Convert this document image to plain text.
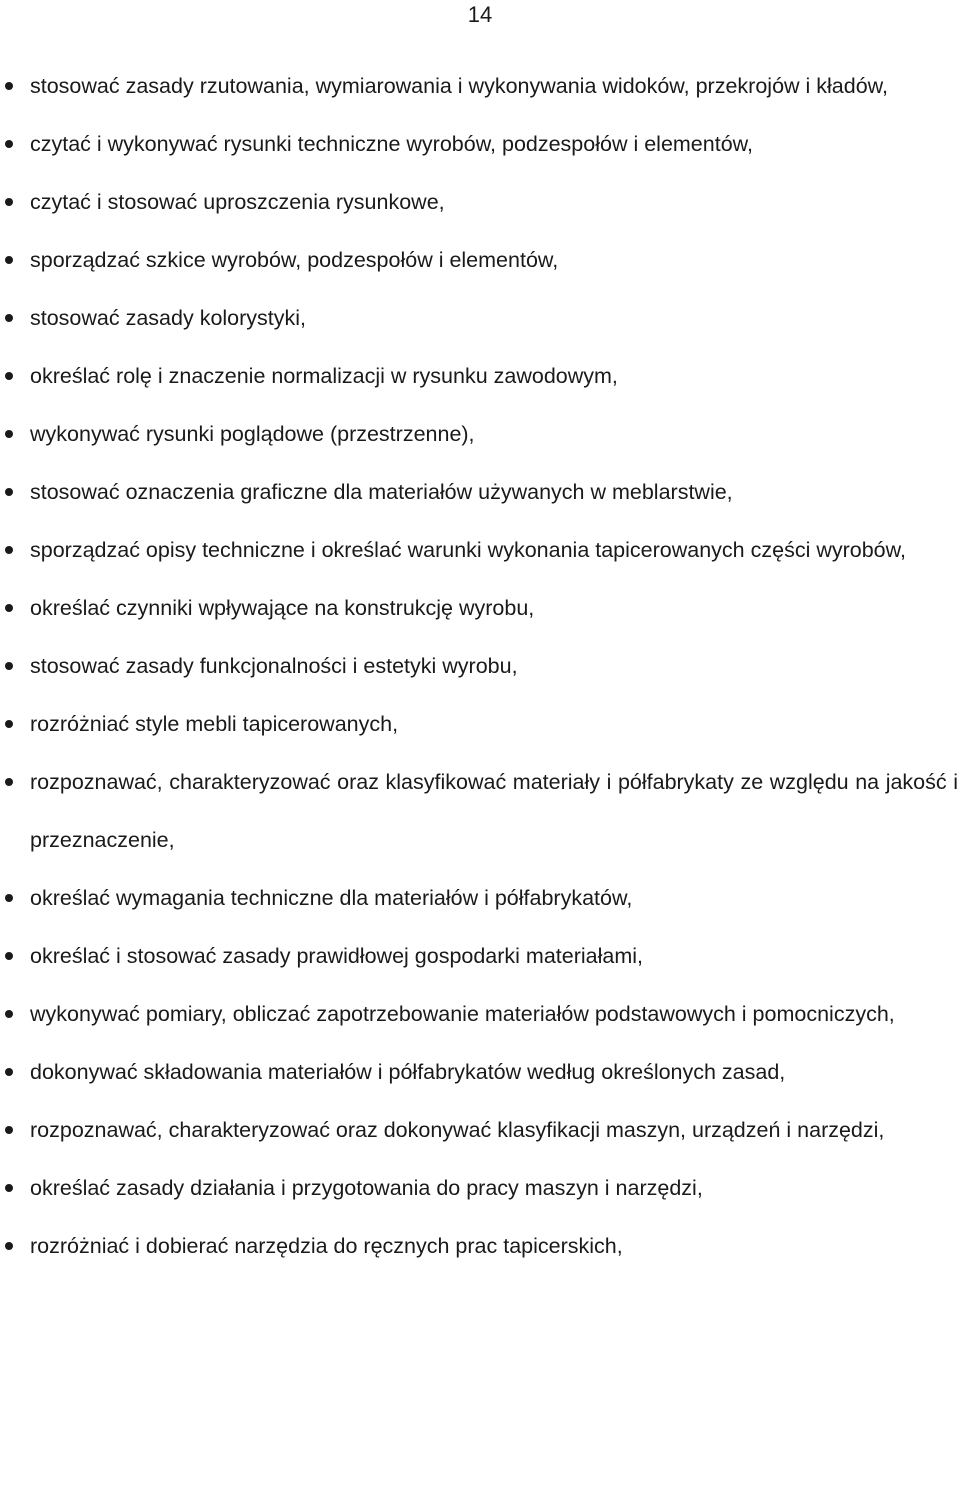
14
stosować zasady rzutowania, wymiarowania i wykonywania widoków, przekrojów i kładów,
czytać i wykonywać rysunki techniczne wyrobów, podzespołów i elementów,
czytać i stosować uproszczenia rysunkowe,
sporządzać szkice wyrobów, podzespołów i elementów,
stosować zasady kolorystyki,
określać rolę i znaczenie normalizacji w rysunku zawodowym,
wykonywać rysunki poglądowe (przestrzenne),
stosować oznaczenia graficzne dla materiałów używanych w meblarstwie,
sporządzać opisy techniczne i określać warunki wykonania tapicerowanych części wyrobów,
określać czynniki wpływające na konstrukcję wyrobu,
stosować zasady funkcjonalności i estetyki wyrobu,
rozróżniać style mebli tapicerowanych,
rozpoznawać, charakteryzować oraz klasyfikować materiały i półfabrykaty ze względu na jakość i przeznaczenie,
określać wymagania techniczne dla materiałów i półfabrykatów,
określać i stosować zasady prawidłowej gospodarki materiałami,
wykonywać pomiary, obliczać zapotrzebowanie materiałów podstawowych i pomocniczych,
dokonywać składowania materiałów i półfabrykatów według określonych zasad,
rozpoznawać, charakteryzować oraz dokonywać klasyfikacji maszyn, urządzeń i narzędzi,
określać zasady działania i przygotowania do pracy maszyn i narzędzi,
rozróżniać i dobierać narzędzia do ręcznych prac tapicerskich,
